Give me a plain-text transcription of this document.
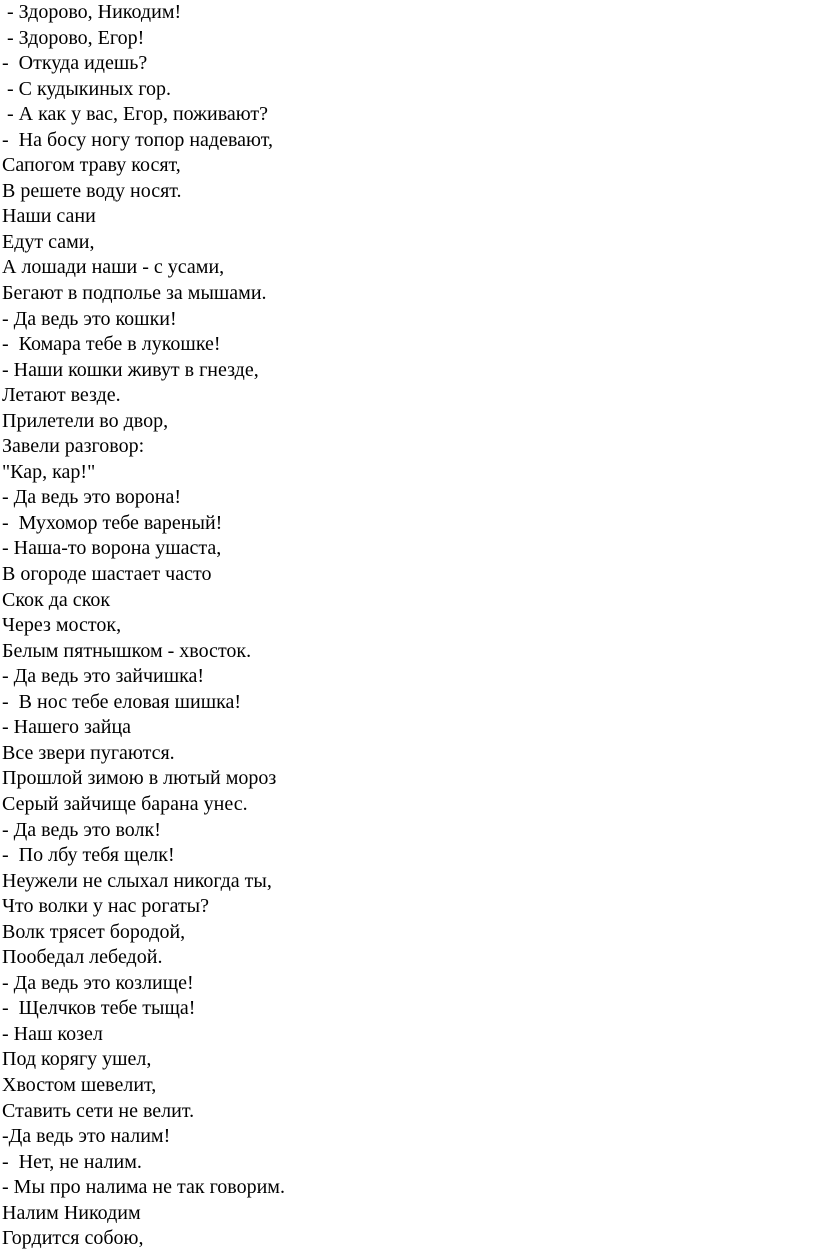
- Здорово, Никодим!
- Здорово, Егор!
-  Откуда идешь?
- С кудыкиных гор.
- А как у вас, Егор, поживают?
-  На босу ногу топор надевают,
Сапогом траву косят,
В решете воду носят.
Наши сани
Едут сами,
А лошади наши - с усами,
Бегают в подполье за мышами.
- Да ведь это кошки!
-  Комара тебе в лукошке!
- Наши кошки живут в гнезде,
Летают везде.
Прилетели во двор,
Завели разговор:
"Кар, кар!"
- Да ведь это ворона!
-  Мухомор тебе вареный!
- Наша-то ворона ушаста,
В огороде шастает часто
Скок да скок
Через мосток,
Белым пятнышком - хвосток.
- Да ведь это зайчишка!
-  В нос тебе еловая шишка!
- Нашего зайца
Все звери пугаются.
Прошлой зимою в лютый мороз
Серый зайчище барана унес.
- Да ведь это волк!
-  По лбу тебя щелк!
Неужели не слыхал никогда ты,
Что волки у нас рогаты?
Волк трясет бородой,
Пообедал лебедой.
- Да ведь это козлище!
-  Щелчков тебе тыща!
- Наш козел
Под корягу ушел,
Хвостом шевелит,
Ставить сети не велит.
-Да ведь это налим!
-  Нет, не налим.
- Мы про налима не так говорим.
Налим Никодим
Гордится собою,
